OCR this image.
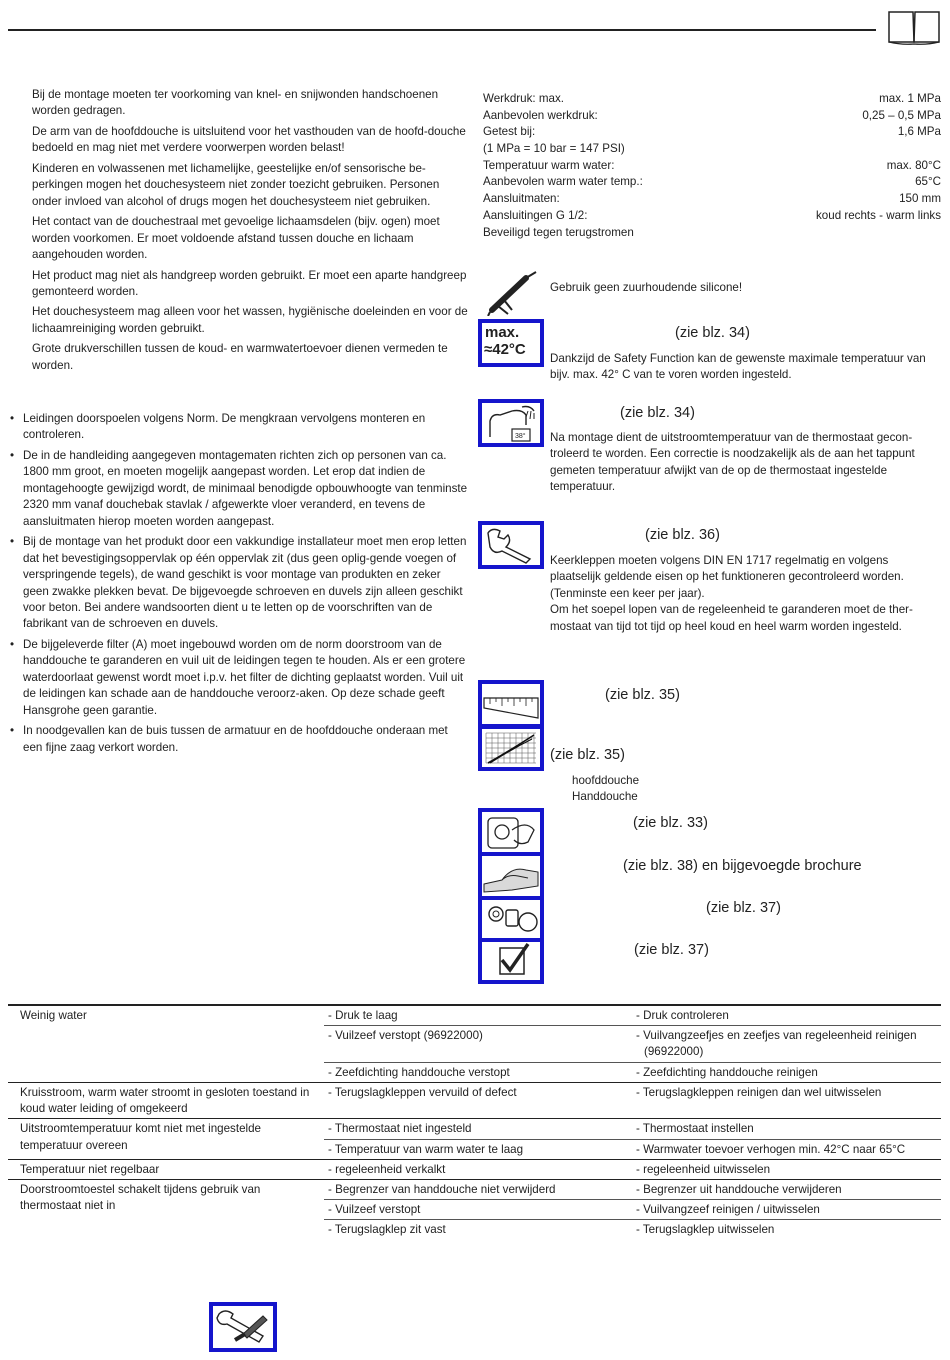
Bij de montage moeten ter voorkoming van knel- en snijwonden handschoenen worden gedragen.

De arm van de hoofddouche is uitsluitend voor het vasthouden van de hoofd-douche bedoeld en mag niet met verdere voorwerpen worden belast!

Kinderen en volwassenen met lichamelijke, geestelijke en/of sensorische be-perkingen mogen het douchesysteem niet zonder toezicht gebruiken. Personen onder invloed van alcohol of drugs mogen het douchesysteem niet gebruiken.

Het contact van de douchestraal met gevoelige lichaamsdelen (bijv. ogen) moet worden voorkomen. Er moet voldoende afstand tussen douche en lichaam aangehouden worden.

Het product mag niet als handgreep worden gebruikt. Er moet een aparte handgreep gemonteerd worden.

Het douchesysteem mag alleen voor het wassen, hygiënische doeleinden en voor de lichaamreiniging worden gebruikt.

Grote drukverschillen tussen de koud- en warmwatertoevoer dienen vermeden te worden.

• Leidingen doorspoelen volgens Norm. De mengkraan vervolgens monteren en controleren.
• De in de handleiding aangegeven montagematen richten zich op personen van ca. 1800 mm groot, en moeten mogelijk aangepast worden. Let erop dat indien de montagehoogte gewijzigd wordt, de minimaal benodigde opbouwhoogte van tenminste 2320 mm vanaf douchebak stavlak / afgewerkte vloer veranderd, en tevens de aansluitmaten hierop moeten worden aangepast.
• Bij de montage van het produkt door een vakkundige installateur moet men erop letten dat het bevestigingsoppervlak op één oppervlak zit (dus geen oplig-gende voegen of verspringende tegels), de wand geschikt is voor montage van produkten en zeker geen zwakke plekken bevat. De bijgevoegde schroeven en duvels zijn alleen geschikt voor beton. Bei andere wandsoorten dient u te letten op de voorschriften van de fabrikant van de schroeven en duvels.
• De bijgeleverde filter (A) moet ingebouwd worden om de norm doorstroom van de handdouche te garanderen en vuil uit de leidingen tegen te houden. Als er een grotere waterdoorlaat gewenst wordt moet i.p.v. het filter de dichting geplaatst worden. Vuil uit de leidingen kan schade aan de handdouche veroorz-aken. Op deze schade geeft Hansgrohe geen garantie.
• In noodgevallen kan de buis tussen de armatuur en de hoofddouche onderaan met een fijne zaag verkort worden.
Werkdruk: max.	max. 1 MPa
Aanbevolen werkdruk:	0,25 – 0,5 MPa
Getest bij:	1,6 MPa
(1 MPa = 10 bar = 147 PSI)
Temperatuur warm water:	max. 80°C
Aanbevolen warm water temp.:	65°C
Aansluitmaten:	150 mm
Aansluitingen G 1/2:	koud rechts - warm links
Beveiligd tegen terugstromen
Gebruik geen zuurhoudende silicone!
max.
≈42°C
(zie blz. 34)
Dankzijd de Safety Function kan de gewenste maximale temperatuur van bijv. max. 42° C van te voren worden ingesteld.
38°
(zie blz. 34)
Na montage dient de uitstroomtemperatuur van de thermostaat gecon-troleerd te worden. Een correctie is noodzakelijk als de aan het tappunt gemeten temperatuur afwijkt van de op de thermostaat ingestelde temperatuur.
(zie blz. 36)
Keerkleppen moeten volgens DIN EN 1717 regelmatig en volgens plaatselijk geldende eisen op het funktioneren gecontroleerd worden. (Tenminste een keer per jaar).
Om het soepel lopen van de regeleenheid te garanderen moet de ther-mostaat van tijd tot tijd op heel koud en heel warm worden ingesteld.
(zie blz. 35)
(zie blz. 35)
hoofddouche
Handdouche
(zie blz. 33)
(zie blz. 38) en bijgevoegde brochure
(zie blz. 37)
(zie blz. 37)
Weinig water	- Druk te laag	- Druk controleren
	- Vuilzeef verstopt (96922000)	- Vuilvangzeefjes en zeefjes van regeleenheid reinigen (96922000)
	- Zeefdichting handdouche verstopt	- Zeefdichting handdouche reinigen
Kruisstroom, warm water stroomt in gesloten toestand in koud water leiding of omgekeerd	- Terugslagkleppen vervuild of defect	- Terugslagkleppen reinigen dan wel uitwisselen
Uitstroomtemperatuur komt niet met ingestelde temperatuur overeen	- Thermostaat niet ingesteld	- Thermostaat instellen
	- Temperatuur van warm water te laag	- Warmwater toevoer verhogen min. 42°C naar 65°C
Temperatuur niet regelbaar	- regeleenheid verkalkt	- regeleenheid uitwisselen
Doorstroomtoestel schakelt tijdens gebruik van thermostaat niet in	- Begrenzer van handdouche niet verwijderd	- Begrenzer uit handdouche verwijderen
	- Vuilzeef verstopt	- Vuilvangzeef reinigen / uitwisselen
	- Terugslagklep zit vast	- Terugslagklep uitwisselen
